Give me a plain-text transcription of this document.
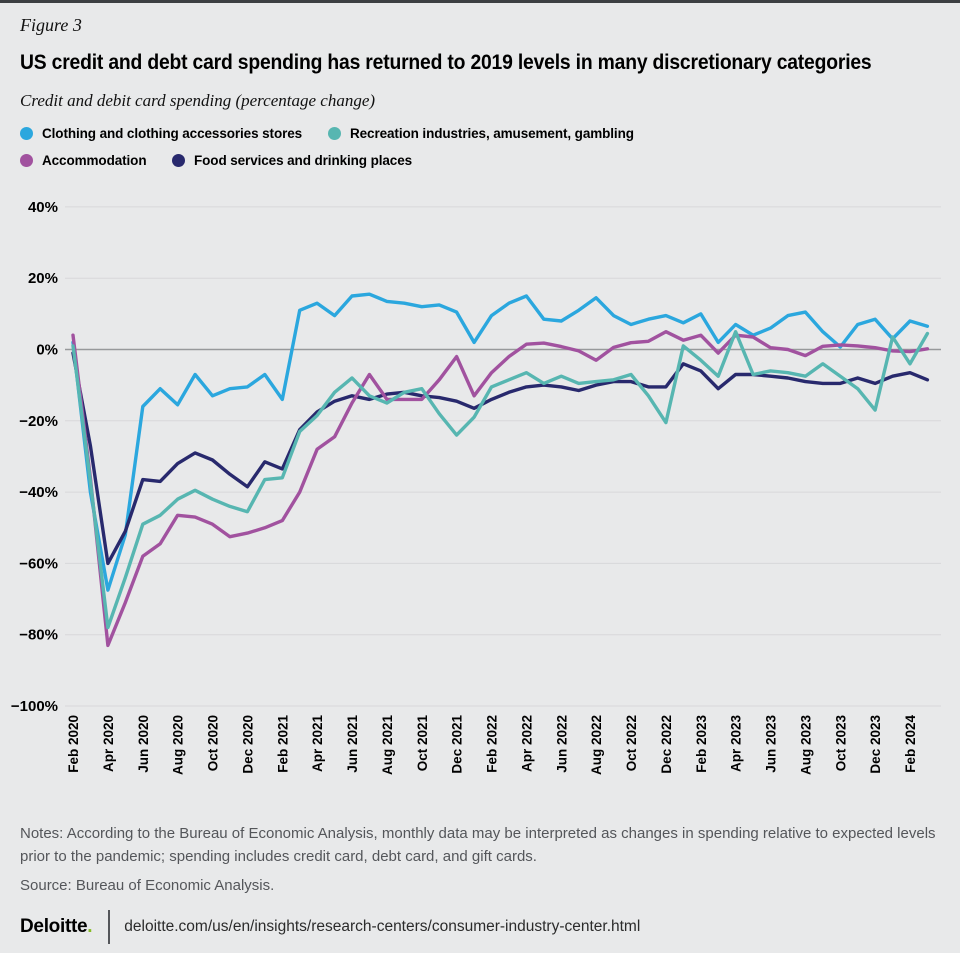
Figure 3
US credit and debt card spending has returned to 2019 levels in many discretionary categories
Credit and debit card spending (percentage change)
Clothing and clothing accessories stores	Recreation industries, amusement, gambling
Accommodation	Food services and drinking places
40%
20%
0%
−20%
−40%
−60%
−80%
−100%
Feb 2020 Apr 2020 Jun 2020 Aug 2020 Oct 2020 Dec 2020 Feb 2021 Apr 2021 Jun 2021 Aug 2021 Oct 2021 Dec 2021 Feb 2022 Apr 2022 Jun 2022 Aug 2022 Oct 2022 Dec 2022 Feb 2023 Apr 2023 Jun 2023 Aug 2023 Oct 2023 Dec 2023 Feb 2024
Notes: According to the Bureau of Economic Analysis, monthly data may be interpreted as changes in spending relative to expected levels prior to the pandemic; spending includes credit card, debt card, and gift cards.
Source: Bureau of Economic Analysis.
Deloitte. deloitte.com/us/en/insights/research-centers/consumer-industry-center.html
